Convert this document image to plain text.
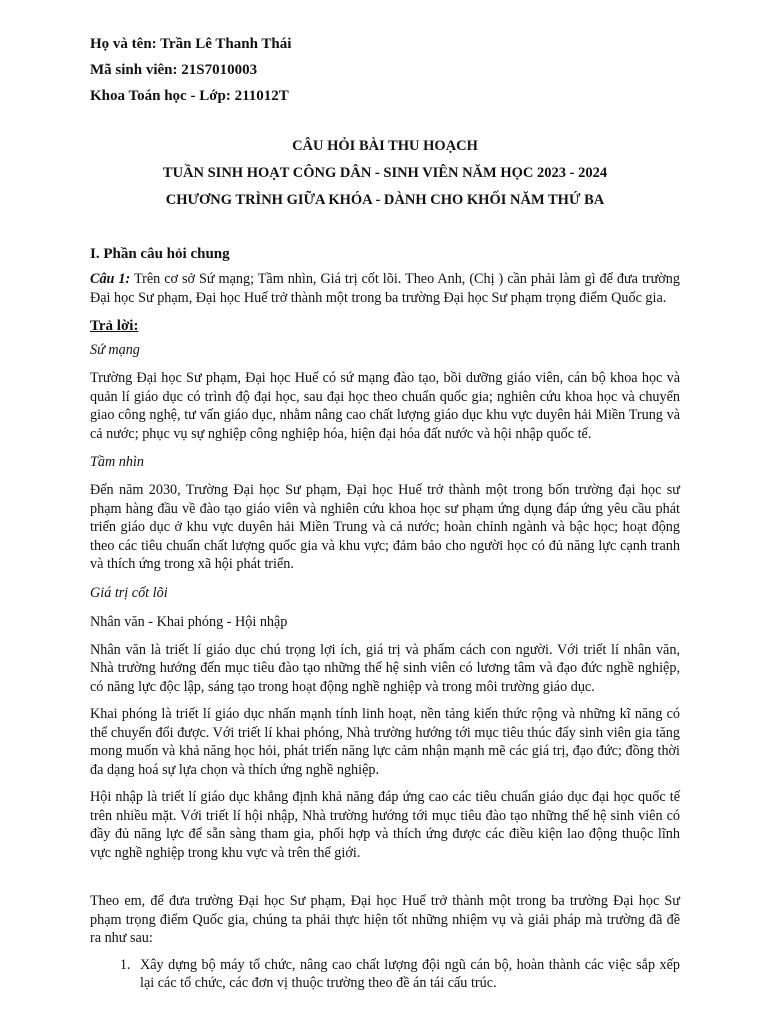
Họ và tên: Trần Lê Thanh Thái
Mã sinh viên: 21S7010003
Khoa Toán học - Lớp: 211012T
CÂU HỎI BÀI THU HOẠCH
TUẦN SINH HOẠT CÔNG DÂN - SINH VIÊN NĂM HỌC 2023 - 2024
CHƯƠNG TRÌNH GIỮA KHÓA - DÀNH CHO KHỐI NĂM THỨ BA
I. Phần câu hỏi chung

Câu 1: Trên cơ sở Sứ mạng; Tầm nhìn, Giá trị cốt lõi. Theo Anh, (Chị ) cần phải làm gì để đưa trường Đại học Sư phạm, Đại học Huế trở thành một trong ba trường Đại học Sư phạm trọng điểm Quốc gia.

Trả lời:
Sứ mạng

Trường Đại học Sư phạm, Đại học Huế có sứ mạng đào tạo, bồi dưỡng giáo viên, cán bộ khoa học và quản lí giáo dục có trình độ đại học, sau đại học theo chuẩn quốc gia; nghiên cứu khoa học và chuyển giao công nghệ, tư vấn giáo dục, nhằm nâng cao chất lượng giáo dục khu vực duyên hải Miền Trung và cả nước; phục vụ sự nghiệp công nghiệp hóa, hiện đại hóa đất nước và hội nhập quốc tế.

Tầm nhìn

Đến năm 2030, Trường Đại học Sư phạm, Đại học Huế trở thành một trong bốn trường đại học sư phạm hàng đầu về đào tạo giáo viên và nghiên cứu khoa học sư phạm ứng dụng đáp ứng yêu cầu phát triển giáo dục ở khu vực duyên hải Miền Trung và cả nước; hoàn chỉnh ngành và bậc học; hoạt động theo các tiêu chuẩn chất lượng quốc gia và khu vực; đảm bảo cho người học có đủ năng lực cạnh tranh và thích ứng trong xã hội phát triển.

Giá trị cốt lõi
Nhân văn - Khai phóng - Hội nhập

Nhân văn là triết lí giáo dục chú trọng lợi ích, giá trị và phẩm cách con người. Với triết lí nhân văn, Nhà trường hướng đến mục tiêu đào tạo những thế hệ sinh viên có lương tâm và đạo đức nghề nghiệp, có năng lực độc lập, sáng tạo trong hoạt động nghề nghiệp và trong môi trường giáo dục.

Khai phóng là triết lí giáo dục nhấn mạnh tính linh hoạt, nền tảng kiến thức rộng và những kĩ năng có thể chuyển đổi được. Với triết lí khai phóng, Nhà trường hướng tới mục tiêu thúc đẩy sinh viên gia tăng mong muốn và khả năng học hỏi, phát triển năng lực cảm nhận mạnh mẽ các giá trị, đạo đức; đồng thời đa dạng hoá sự lựa chọn và thích ứng nghề nghiệp.

Hội nhập là triết lí giáo dục khẳng định khả năng đáp ứng cao các tiêu chuẩn giáo dục đại học quốc tế trên nhiều mặt. Với triết lí hội nhập, Nhà trường hướng tới mục tiêu đào tạo những thế hệ sinh viên có đầy đủ năng lực để sẵn sàng tham gia, phối hợp và thích ứng được các điều kiện lao động thuộc lĩnh vực nghề nghiệp trong khu vực và trên thế giới.

Theo em, để đưa trường Đại học Sư phạm, Đại học Huế trở thành một trong ba trường Đại học Sư phạm trọng điểm Quốc gia, chúng ta phải thực hiện tốt những nhiệm vụ và giải pháp mà trường đã đề ra như sau:

1. Xây dựng bộ máy tổ chức, nâng cao chất lượng đội ngũ cán bộ, hoàn thành các việc sắp xếp lại các tổ chức, các đơn vị thuộc trường theo đề án tái cấu trúc.
